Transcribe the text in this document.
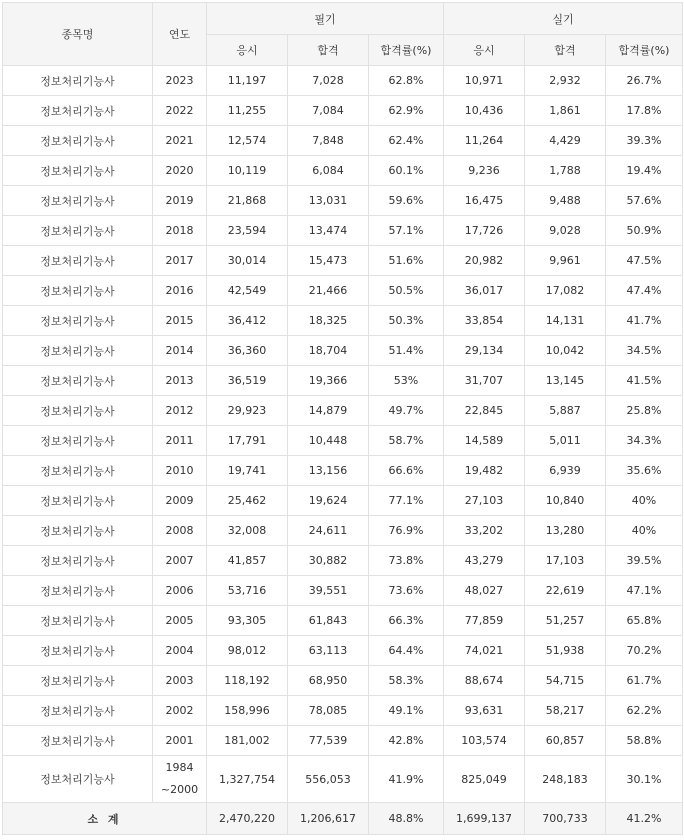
종목명	연도	필기			실기		
		응시	합격	합격률(%)	응시	합격	합격률(%)
정보처리기능사	2023	11,197	7,028	62.8%	10,971	2,932	26.7%
정보처리기능사	2022	11,255	7,084	62.9%	10,436	1,861	17.8%
정보처리기능사	2021	12,574	7,848	62.4%	11,264	4,429	39.3%
정보처리기능사	2020	10,119	6,084	60.1%	9,236	1,788	19.4%
정보처리기능사	2019	21,868	13,031	59.6%	16,475	9,488	57.6%
정보처리기능사	2018	23,594	13,474	57.1%	17,726	9,028	50.9%
정보처리기능사	2017	30,014	15,473	51.6%	20,982	9,961	47.5%
정보처리기능사	2016	42,549	21,466	50.5%	36,017	17,082	47.4%
정보처리기능사	2015	36,412	18,325	50.3%	33,854	14,131	41.7%
정보처리기능사	2014	36,360	18,704	51.4%	29,134	10,042	34.5%
정보처리기능사	2013	36,519	19,366	53%	31,707	13,145	41.5%
정보처리기능사	2012	29,923	14,879	49.7%	22,845	5,887	25.8%
정보처리기능사	2011	17,791	10,448	58.7%	14,589	5,011	34.3%
정보처리기능사	2010	19,741	13,156	66.6%	19,482	6,939	35.6%
정보처리기능사	2009	25,462	19,624	77.1%	27,103	10,840	40%
정보처리기능사	2008	32,008	24,611	76.9%	33,202	13,280	40%
정보처리기능사	2007	41,857	30,882	73.8%	43,279	17,103	39.5%
정보처리기능사	2006	53,716	39,551	73.6%	48,027	22,619	47.1%
정보처리기능사	2005	93,305	61,843	66.3%	77,859	51,257	65.8%
정보처리기능사	2004	98,012	63,113	64.4%	74,021	51,938	70.2%
정보처리기능사	2003	118,192	68,950	58.3%	88,674	54,715	61.7%
정보처리기능사	2002	158,996	78,085	49.1%	93,631	58,217	62.2%
정보처리기능사	2001	181,002	77,539	42.8%	103,574	60,857	58.8%
정보처리기능사	1984 ~2000	1,327,754	556,053	41.9%	825,049	248,183	30.1%
소 계		2,470,220	1,206,617	48.8%	1,699,137	700,733	41.2%
